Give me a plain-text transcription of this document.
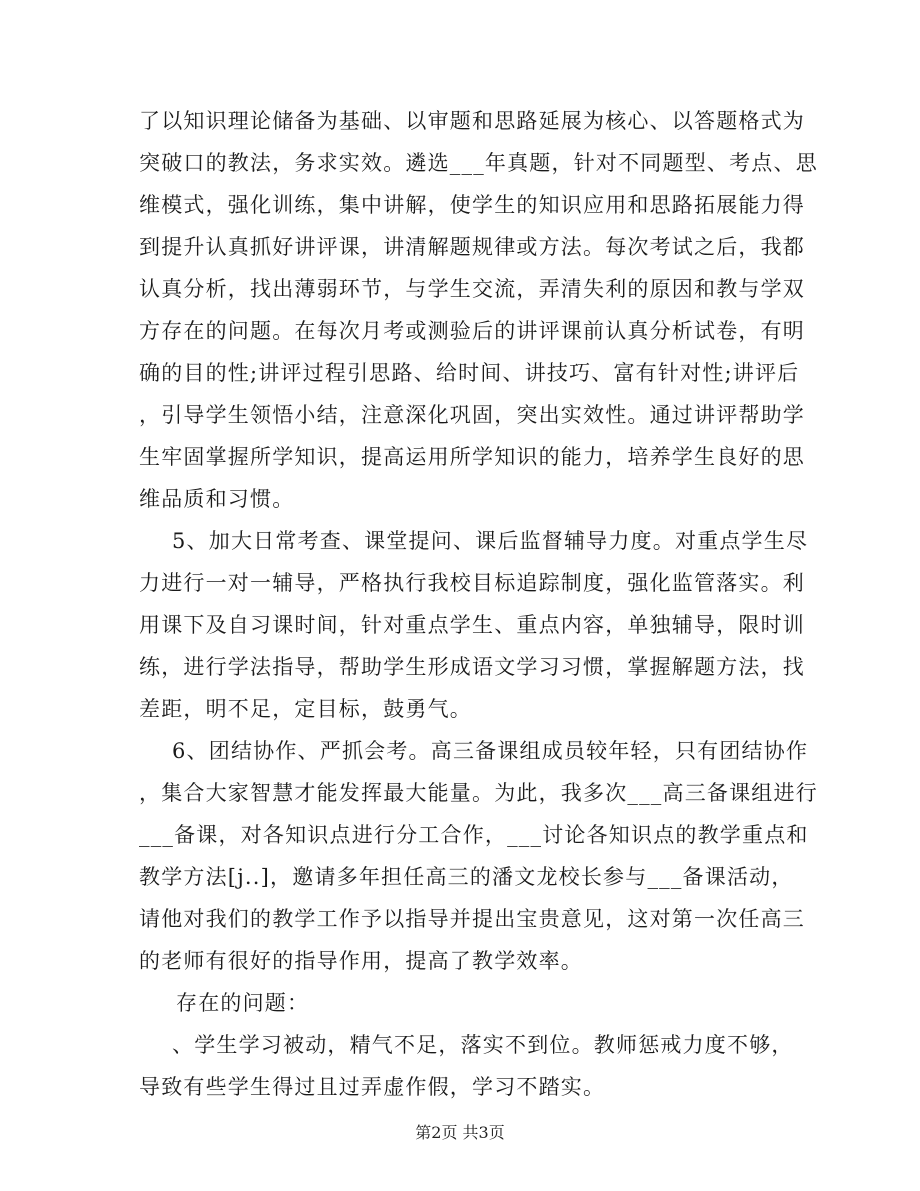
了以知识理论储备为基础、以审题和思路延展为核心、以答题格式为
突破口的教法，务求实效。遴选___年真题，针对不同题型、考点、思
维模式，强化训练，集中讲解，使学生的知识应用和思路拓展能力得
到提升认真抓好讲评课，讲清解题规律或方法。每次考试之后，我都
认真分析，找出薄弱环节，与学生交流，弄清失利的原因和教与学双
方存在的问题。在每次月考或测验后的讲评课前认真分析试卷，有明
确的目的性;讲评过程引思路、给时间、讲技巧、富有针对性;讲评后
，引导学生领悟小结，注意深化巩固，突出实效性。通过讲评帮助学
生牢固掌握所学知识，提高运用所学知识的能力，培养学生良好的思
维品质和习惯。
5、加大日常考查、课堂提问、课后监督辅导力度。对重点学生尽
力进行一对一辅导，严格执行我校目标追踪制度，强化监管落实。利
用课下及自习课时间，针对重点学生、重点内容，单独辅导，限时训
练，进行学法指导，帮助学生形成语文学习习惯，掌握解题方法，找
差距，明不足，定目标，鼓勇气。
6、团结协作、严抓会考。高三备课组成员较年轻，只有团结协作
，集合大家智慧才能发挥最大能量。为此，我多次___高三备课组进行
___备课，对各知识点进行分工合作，___讨论各知识点的教学重点和
教学方法[j..]，邀请多年担任高三的潘文龙校长参与___备课活动，
请他对我们的教学工作予以指导并提出宝贵意见，这对第一次任高三
的老师有很好的指导作用，提高了教学效率。
存在的问题：
、学生学习被动，精气不足，落实不到位。教师惩戒力度不够，
导致有些学生得过且过弄虚作假，学习不踏实。
第2页 共3页
